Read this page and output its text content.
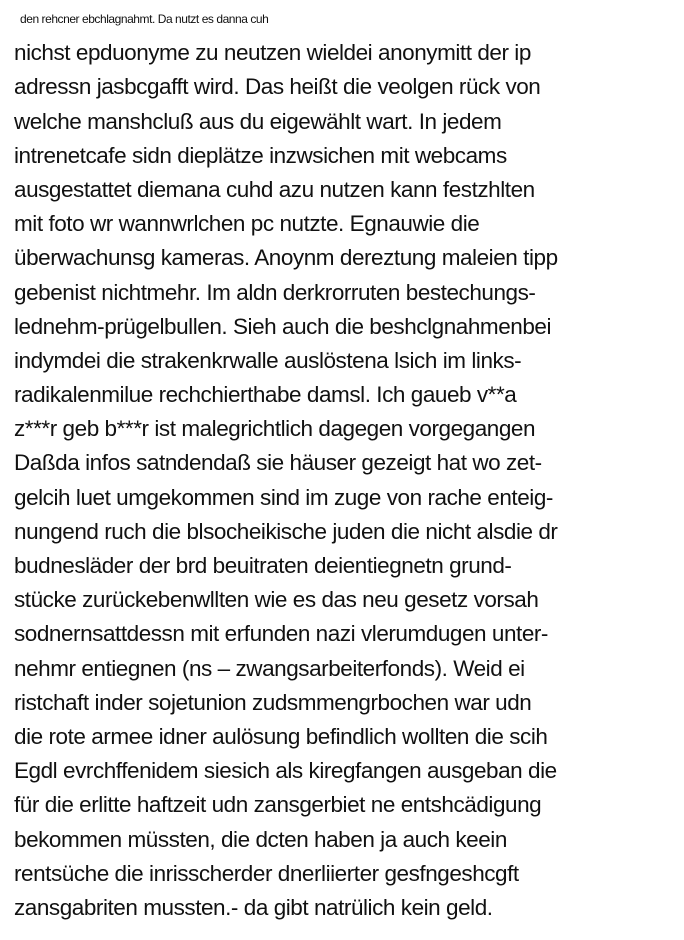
den rehcner ebchlagnahmt. Da nutzt es danna cuh
nichst epduonyme zu neutzen wieldei anonymitt der ip
adressn jasbcgafft wird. Das heißt die veolgen rück von
welche manshcluß aus du eigewählt wart. In jedem
intrenetcafe sidn dieplätze inzwsichen mit webcams
ausgestattet diemana cuhd azu nutzen kann festzhlten
mit foto wr wannwrlchen pc nutzte. Egnauwie die
überwachunsg kameras. Anoynm dereztung maleien tipp
gebenist nichtmehr. Im aldn derkrorruten bestechungs-
lednehm-prügelbullen. Sieh auch die beshclgnahmenbei
indymdei die strakenkrwalle auslöstena lsich im links-
radikalenmilue rechchierthabe damsl. Ich gaueb v**a
z***r geb b***r ist malegrichtlich dagegen vorgegangen
Daßda infos satndendaß sie häuser gezeigt hat wo zet-
gelcih luet umgekommen sind im zuge von rache enteig-
nungend ruch die blsocheikische juden die nicht alsdie dr
budnesläder der brd beuitraten deientiegnetn grund-
stücke zurückebenwllten wie es das neu gesetz vorsah
sodnernsattdessn mit erfunden nazi vlerumdugen unter-
nehmr entiegnen (ns – zwangsarbeiterfonds). Weid ei
ristchaft inder sojetunion zudsmmengrbochen war udn
die rote armee idner aulösung befindlich wollten die scih
Egdl evrchffenidem siesich als kiregfangen ausgeban die
für die erlitte haftzeit udn zansgerbiet ne entshcädigung
bekommen müssten, die dcten haben ja auch keein
rentsüche die inrisscherder dnerliierter gesfngeshcgft
zansgabriten mussten.- da gibt natrülich kein geld.
